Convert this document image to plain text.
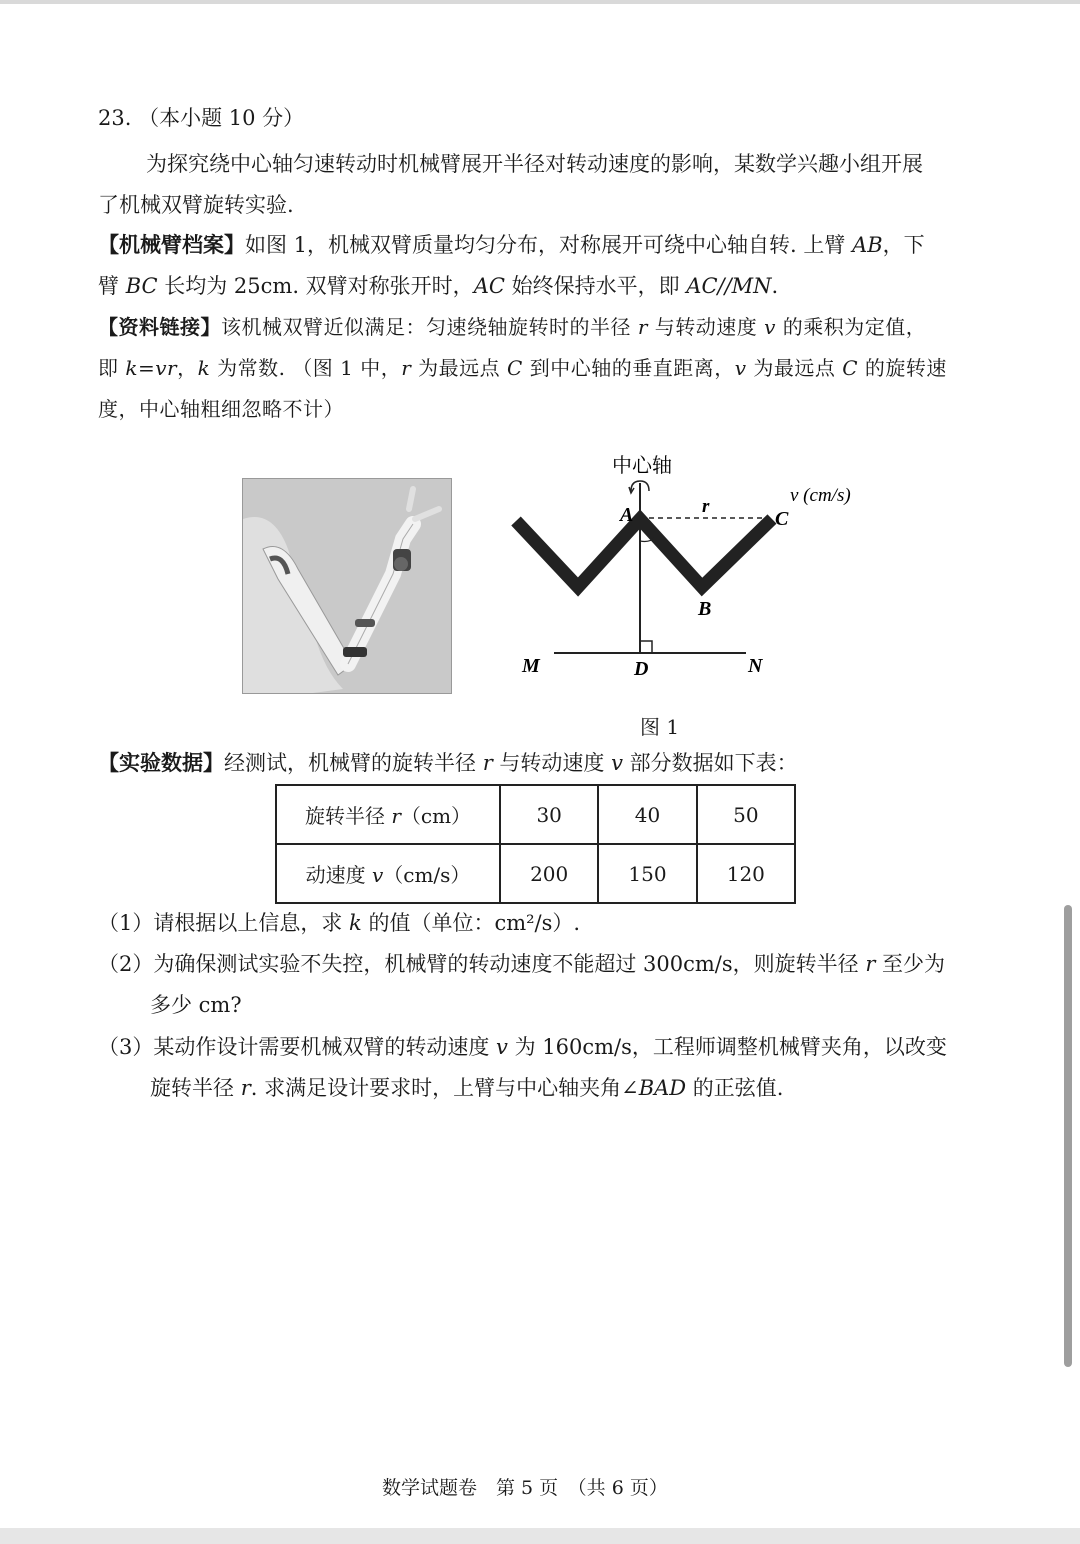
23. （本小题 10 分）
为探究绕中心轴匀速转动时机械臂展开半径对转动速度的影响，某数学兴趣小组开展
了机械双臂旋转实验.
【机械臂档案】如图 1，机械双臂质量均匀分布，对称展开可绕中心轴自转. 上臂 AB，下
臂 BC 长均为 25cm. 双臂对称张开时，AC 始终保持水平，即 AC//MN.
【资料链接】该机械双臂近似满足：匀速绕轴旋转时的半径 r 与转动速度 v 的乘积为定值，
即 k=vr，k 为常数. （图 1 中，r 为最远点 C 到中心轴的垂直距离，v 为最远点 C 的旋转速
度，中心轴粗细忽略不计）
中心轴
v (cm/s)
A	r
C
B
M	D	N
图 1
【实验数据】经测试，机械臂的旋转半径 r 与转动速度 v 部分数据如下表：
旋转半径 r（cm）	30	40	50
动速度 v（cm/s）	200	150	120
（1）请根据以上信息，求 k 的值（单位：cm²/s）.
（2）为确保测试实验不失控，机械臂的转动速度不能超过 300cm/s，则旋转半径 r 至少为
多少 cm?
（3）某动作设计需要机械双臂的转动速度 v 为 160cm/s，工程师调整机械臂夹角，以改变
旋转半径 r. 求满足设计要求时，上臂与中心轴夹角∠BAD 的正弦值.
数学试题卷　第 5 页　（共 6 页）
